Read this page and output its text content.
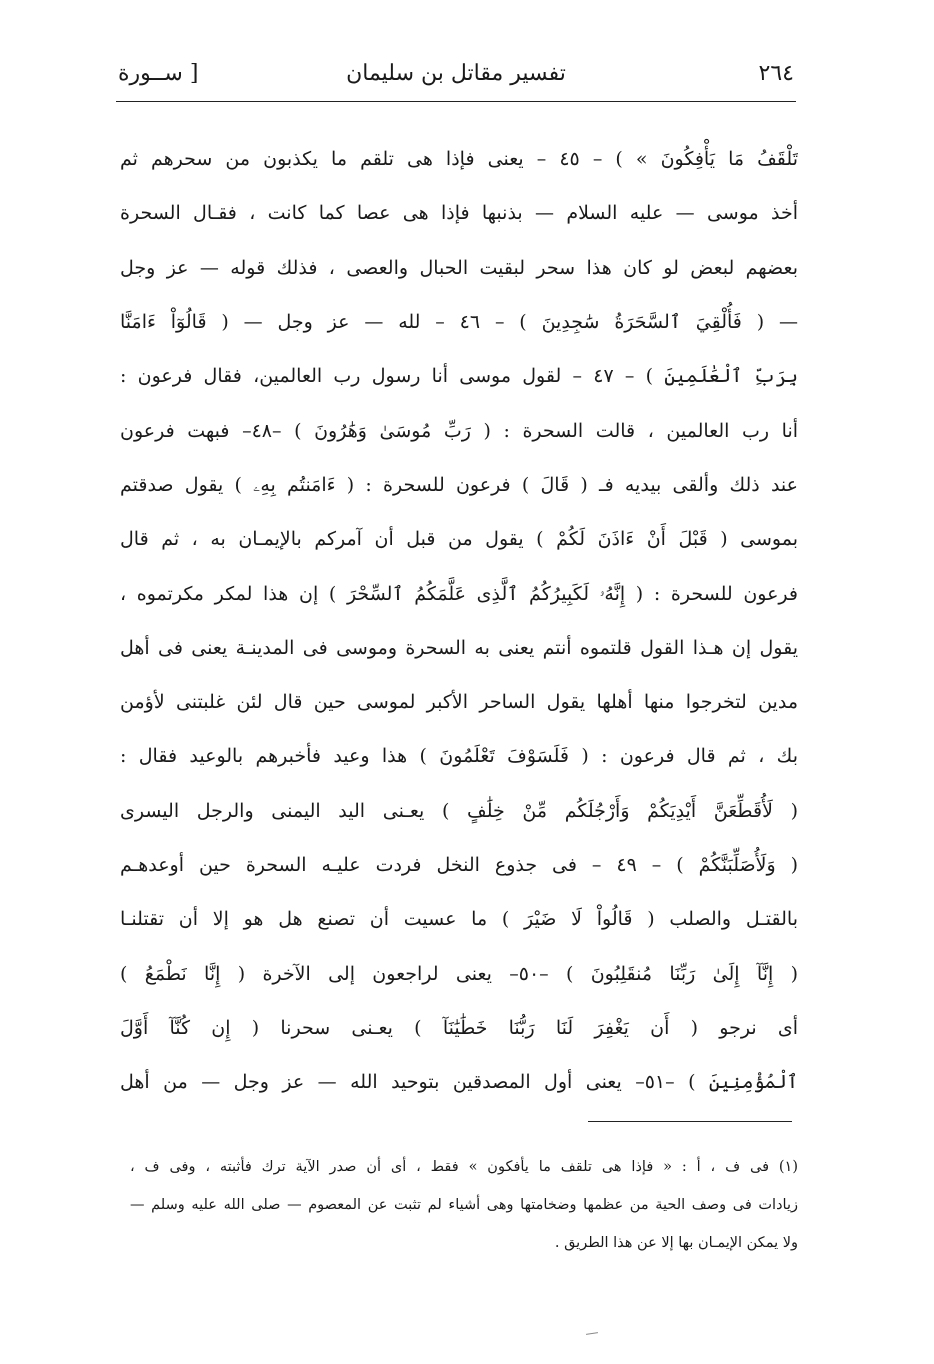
٢٦٤
تفسير مقاتل بن سليمان
[ ســورة
تَلْقَفُ مَا يَأْفِكُونَ » ) – ٤٥ – يعنى فإذا هى تلقم ما يكذبون من سحرهم ثم
أخذ موسى — عليه السلام — بذنبها فإذا هى عصا كما كانت ، فقـال السحرة
بعضهم لبعض لو كان هذا سحر لبقيت الحبال والعصى ، فذلك قوله — عز وجل
— ( فَأُلْقِيَ ٱلسَّحَرَةُ سَٰجِدِينَ ) – ٤٦ – لله — عز وجل — ( قَالُوٓاْ ءَامَنَّا
بِرَبِّ ٱلْعَٰلَمِينَ ) – ٤٧ – لقول موسى أنا رسول رب العالمين، فقال فرعون :
أنا رب العالمين ، قالت السحرة : ( رَبِّ مُوسَىٰ وَهَٰرُونَ ) –٤٨– فبهت فرعون
عند ذلك وألقى بيديه فـ ( قَالَ ) فرعون للسحرة : ( ءَامَنتُم بِهِۦ ) يقول صدقتم
بموسى ( قَبْلَ أَنْ ءَاذَنَ لَكُمْ ) يقول من قبل أن آمركم بالإيمـان به ، ثم قال
فرعون للسحرة : ( إِنَّهُۥ لَكَبِيرُكُمُ ٱلَّذِى عَلَّمَكُمُ ٱلسِّحْرَ ) إن هذا لمكر مكرتموه ،
يقول إن هـذا القول قلتموه أنتم يعنى به السحرة وموسى فى المدينـة يعنى فى أهل
مدين لتخرجوا منها أهلها يقول الساحر الأكبر لموسى حين قال لئن غلبتنى لأؤمن
بك ، ثم قال فرعون : ( فَلَسَوْفَ تَعْلَمُونَ ) هذا وعيد فأخبرهم بالوعيد فقال :
( لَأُقَطِّعَنَّ أَيْدِيَكُمْ وَأَرْجُلَكُم مِّنْ خِلَٰفٍ ) يعـنى اليد اليمنى والرجل اليسرى
( وَلَأُصَلِّبَنَّكُمْ ) – ٤٩ – فى جذوع النخل فردت عليـه السحرة حين أوعدهـم
بالقتـل والصلب ( قَالُواْ لَا ضَيْرَ ) ما عسيت أن تصنع هل هو إلا أن تقتلنـا
( إِنَّآ إِلَىٰ رَبِّنَا مُنقَلِبُونَ ) –٥٠– يعنى لراجعون إلى الآخرة ( إِنَّا نَطْمَعُ )
أى نرجو ( أَن يَغْفِرَ لَنَا رَبُّنَا خَطَٰيَٰنَآ ) يعـنى سحرنا ( إِن كُنَّآ أَوَّلَ
ٱلْمُؤْمِنِينَ ) –٥١– يعنى أول المصدقين بتوحيد الله — عز وجل — من أهل
(١) فى ف ، أ : « فإذا هى تلقف ما يأفكون » فقط ، أى أن صدر الآية ترك فأثبته ، وفى ف ،
زيادات فى وصف الحية من عظمها وضخامتها وهى أشياء لم تثبت عن المعصوم — صلى الله عليه وسلم —
ولا يمكن الإيمـان بها إلا عن هذا الطريق .
